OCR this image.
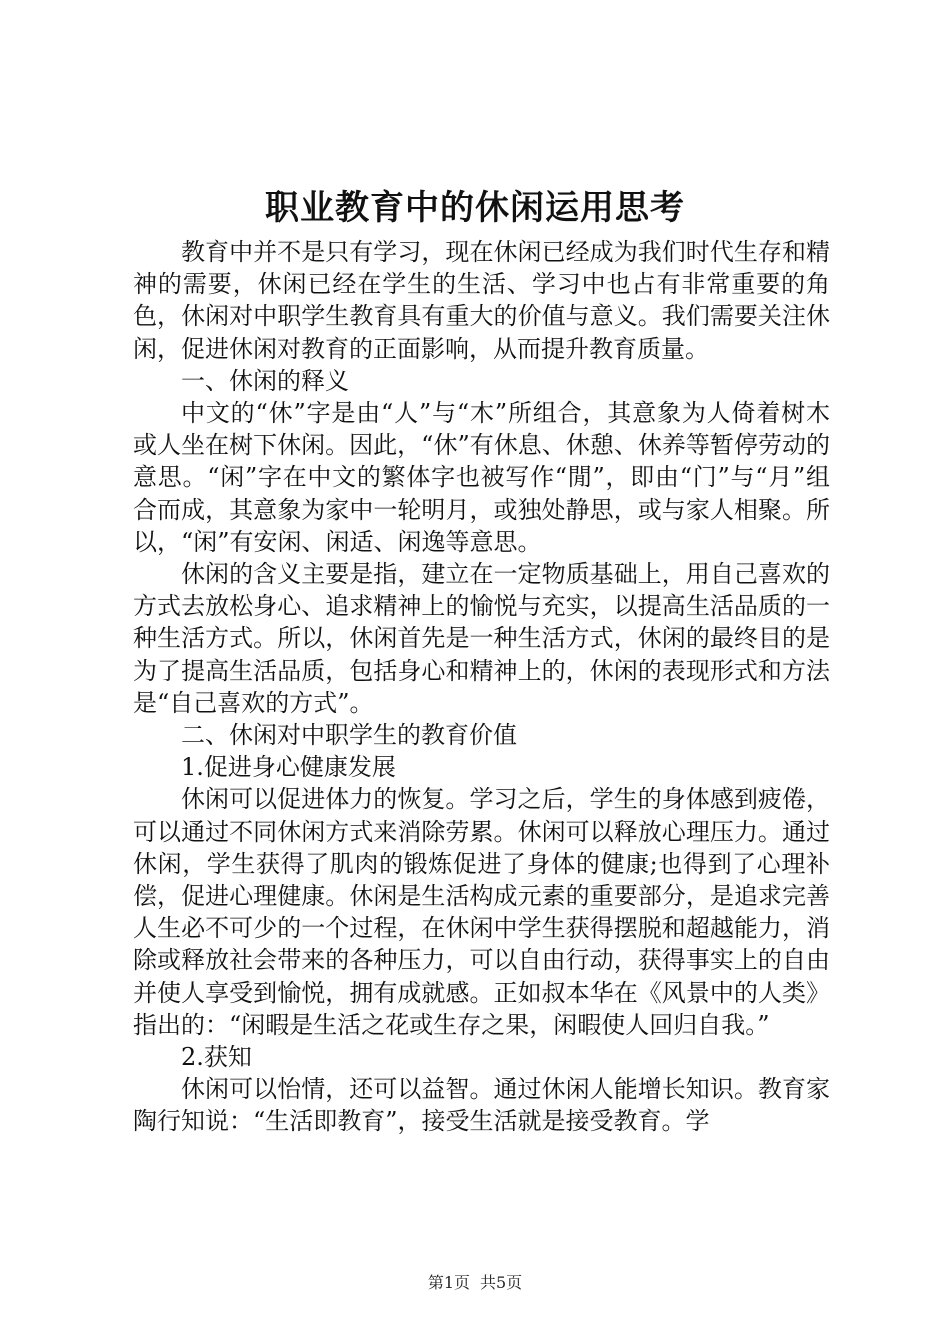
职业教育中的休闲运用思考

教育中并不是只有学习，现在休闲已经成为我们时代生存和精神的需要，休闲已经在学生的生活、学习中也占有非常重要的角色，休闲对中职学生教育具有重大的价值与意义。我们需要关注休闲，促进休闲对教育的正面影响，从而提升教育质量。

一、休闲的释义

中文的“休”字是由“人”与“木”所组合，其意象为人倚着树木或人坐在树下休闲。因此，“休”有休息、休憩、休养等暂停劳动的意思。“闲”字在中文的繁体字也被写作“閒”，即由“门”与“月”组合而成，其意象为家中一轮明月，或独处静思，或与家人相聚。所以，“闲”有安闲、闲适、闲逸等意思。

休闲的含义主要是指，建立在一定物质基础上，用自己喜欢的方式去放松身心、追求精神上的愉悦与充实，以提高生活品质的一种生活方式。所以，休闲首先是一种生活方式，休闲的最终目的是为了提高生活品质，包括身心和精神上的，休闲的表现形式和方法是“自己喜欢的方式”。

二、休闲对中职学生的教育价值

1.促进身心健康发展

休闲可以促进体力的恢复。学习之后，学生的身体感到疲倦，可以通过不同休闲方式来消除劳累。休闲可以释放心理压力。通过休闲，学生获得了肌肉的锻炼促进了身体的健康;也得到了心理补偿，促进心理健康。休闲是生活构成元素的重要部分，是追求完善人生必不可少的一个过程，在休闲中学生获得摆脱和超越能力，消除或释放社会带来的各种压力，可以自由行动，获得事实上的自由并使人享受到愉悦，拥有成就感。正如叔本华在《风景中的人类》指出的：“闲暇是生活之花或生存之果，闲暇使人回归自我。”

2.获知

休闲可以怡情，还可以益智。通过休闲人能增长知识。教育家陶行知说：“生活即教育”，接受生活就是接受教育。学

第1页 共5页
